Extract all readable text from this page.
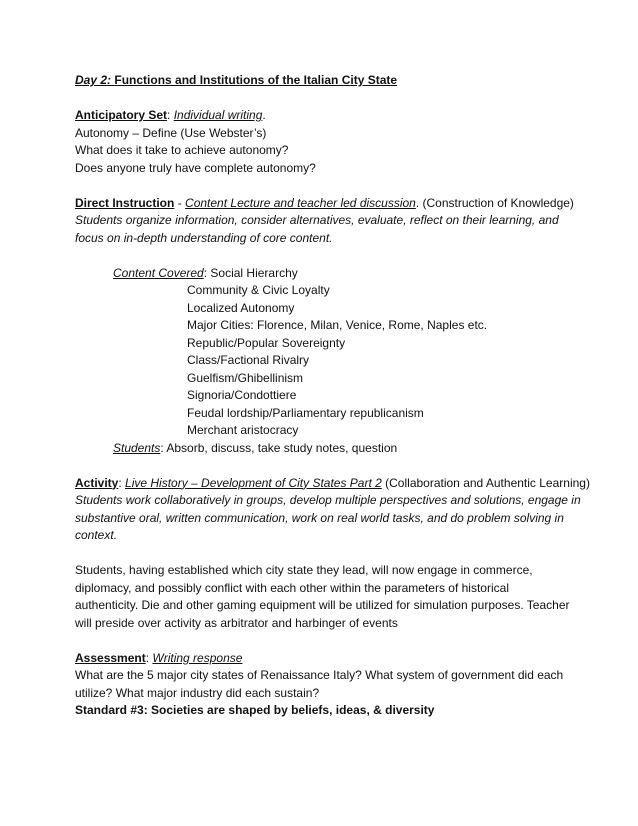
Day 2: Functions and Institutions of the Italian City State

Anticipatory Set: Individual writing.

Autonomy – Define (Use Webster’s)

What does it take to achieve autonomy?

Does anyone truly have complete autonomy?

Direct Instruction - Content Lecture and teacher led discussion. (Construction of Knowledge)

Students organize information, consider alternatives, evaluate, reflect on their learning, and

focus on in-depth understanding of core content.

Content Covered: Social Hierarchy

Community & Civic Loyalty

Localized Autonomy

Major Cities: Florence, Milan, Venice, Rome, Naples etc.

Republic/Popular Sovereignty

Class/Factional Rivalry

Guelfism/Ghibellinism

Signoria/Condottiere

Feudal lordship/Parliamentary republicanism

Merchant aristocracy

Students: Absorb, discuss, take study notes, question

Activity: Live History – Development of City States Part 2 (Collaboration and Authentic Learning)

Students work collaboratively in groups, develop multiple perspectives and solutions, engage in

substantive oral, written communication, work on real world tasks, and do problem solving in

context.

Students, having established which city state they lead, will now engage in commerce,

diplomacy, and possibly conflict with each other within the parameters of historical

authenticity. Die and other gaming equipment will be utilized for simulation purposes. Teacher

will preside over activity as arbitrator and harbinger of events

Assessment: Writing response

What are the 5 major city states of Renaissance Italy? What system of government did each

utilize? What major industry did each sustain?

Standard #3: Societies are shaped by beliefs, ideas, & diversity
